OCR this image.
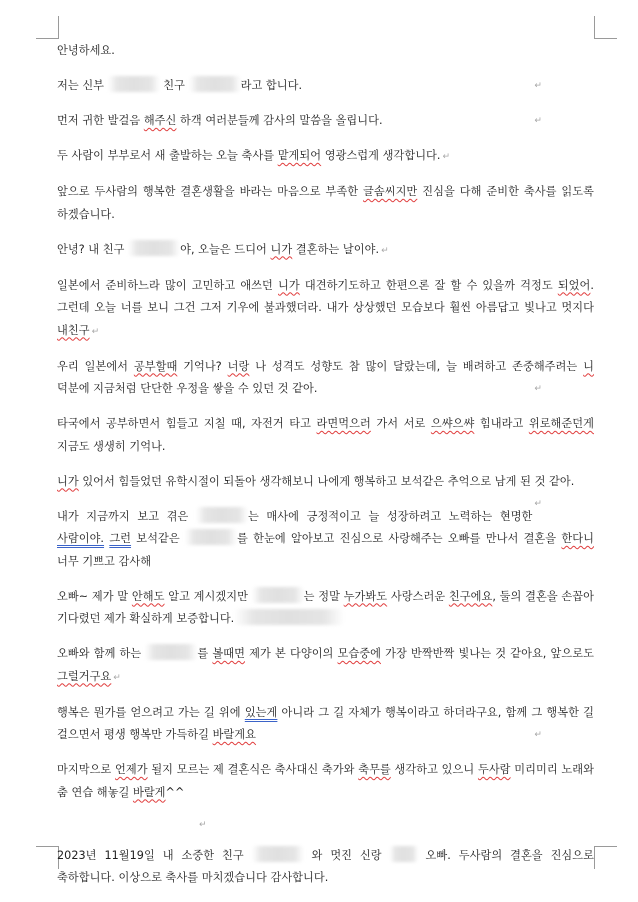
안녕하세요.
저는 신부	친구	라고 합니다.	↵
먼저 귀한 발걸음 해주신 하객 여러분들께 감사의 말씀을 올립니다.	↵
두 사람이 부부로서 새 출발하는 오늘 축사를 맡게되어 영광스럽게 생각합니다. ↵
앞으로 두사람의 행복한 결혼생활을 바라는 마음으로 부족한 글솜씨지만 진심을 다해 준비한 축사를 읽도록 하겠습니다.
안녕? 내 친구	야, 오늘은 드디어 니가 결혼하는 날이야. ↵
일본에서 준비하느라 많이 고민하고 애쓰던 니가 대견하기도하고 한편으론 잘 할 수 있을까 걱정도 되었어. 그런데 오늘 너를 보니 그건 그저 기우에 불과했더라. 내가 상상했던 모습보다 훨씬 아름답고 빛나고 멋지다 내친구 ↵
우리 일본에서 공부할때 기억나? 너랑 나 성격도 성향도 참 많이 달랐는데, 늘 배려하고 존중해주려는 니 덕분에 지금처럼 단단한 우정을 쌓을 수 있던 것 같아.	↵
타국에서 공부하면서 힘들고 지칠 때, 자전거 타고 라면먹으러 가서 서로 으쌰으쌰 힘내라고 위로해준던게 지금도 생생히 기억나.
니가 있어서 힘들었던 유학시절이 되돌아 생각해보니 나에게 행복하고 보석같은 추억으로 남게 된 것 같아.
↵
내가 지금까지 보고 겪은	는 매사에 긍정적이고 늘 성장하려고 노력하는 현명한 사람이야. 그런 보석같은	를 한눈에 알아보고 진심으로 사랑해주는 오빠를 만나서 결혼을 한다니 너무 기쁘고 감사해
오빠~ 제가 말 안해도 알고 계시겠지만	는 정말 누가봐도 사랑스러운 친구에요, 둘의 결혼을 손꼽아 기다렸던 제가 확실하게 보증합니다.
오빠와 함께 하는	를 볼때면 제가 본 다양이의 모습중에 가장 반짝반짝 빛나는 것 같아요, 앞으로도 그럴거구요 ↵
행복은 뭔가를 얻으려고 가는 길 위에 있는게 아니라 그 길 자체가 행복이라고 하더라구요, 함께 그 행복한 길 걸으면서 평생 행복만 가득하길 바랄게요	↵
마지막으로 언제가 될지 모르는 제 결혼식은 축사대신 축가와 축무를 생각하고 있으니 두사람 미리미리 노래와 춤 연습 해놓길 바랄게^^
↵
2023년 11월19일 내 소중한 친구	와 멋진 신랑	오빠. 두사람의 결혼을 진심으로 축하합니다. 이상으로 축사를 마치겠습니다 감사합니다.
